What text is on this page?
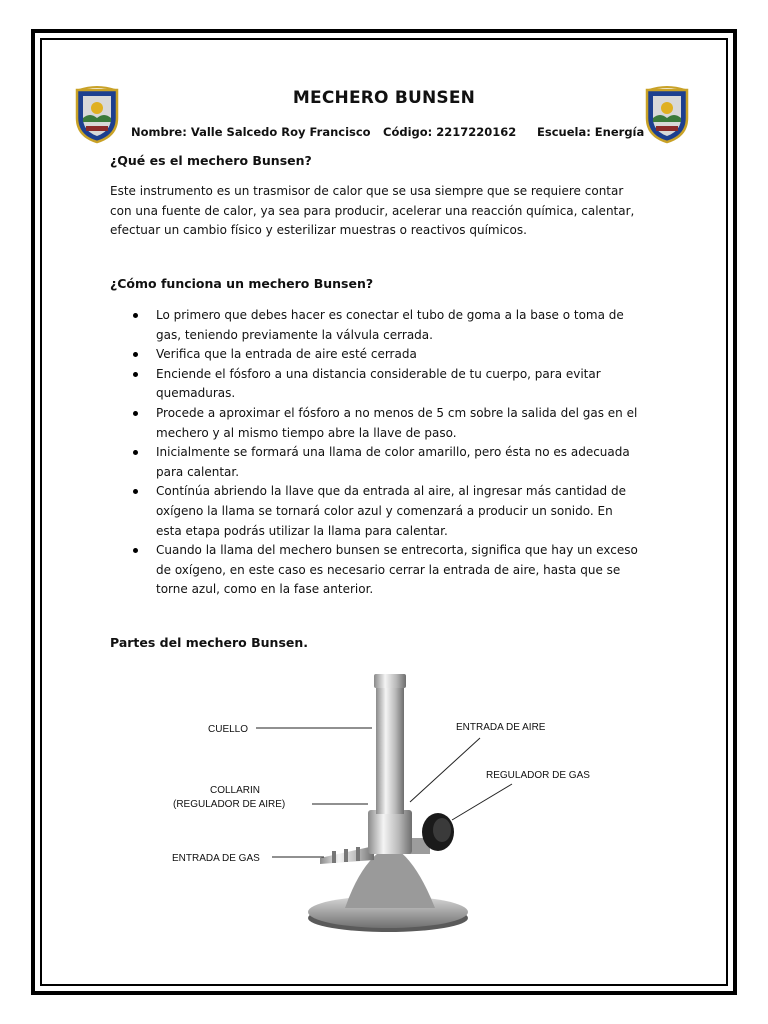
MECHERO BUNSEN
Nombre: Valle Salcedo Roy Francisco Código: 2217220162 Escuela: Energía
¿Qué es el mechero Bunsen?
Este instrumento es un trasmisor de calor que se usa siempre que se requiere contar
con una fuente de calor, ya sea para producir, acelerar una reacción química, calentar,
efectuar un cambio físico y esterilizar muestras o reactivos químicos.
¿Cómo funciona un mechero Bunsen?
Lo primero que debes hacer es conectar el tubo de goma a la base o toma de
gas, teniendo previamente la válvula cerrada.
Verifica que la entrada de aire esté cerrada
Enciende el fósforo a una distancia considerable de tu cuerpo, para evitar
quemaduras.
Procede a aproximar el fósforo a no menos de 5 cm sobre la salida del gas en el
mechero y al mismo tiempo abre la llave de paso.
Inicialmente se formará una llama de color amarillo, pero ésta no es adecuada
para calentar.
Contínúa abriendo la llave que da entrada al aire, al ingresar más cantidad de
oxígeno la llama se tornará color azul y comenzará a producir un sonido. En
esta etapa podrás utilizar la llama para calentar.
Cuando la llama del mechero bunsen se entrecorta, significa que hay un exceso
de oxígeno, en este caso es necesario cerrar la entrada de aire, hasta que se
torne azul, como en la fase anterior.
Partes del mechero Bunsen.
CUELLO
COLLARIN
(REGULADOR DE AIRE)
ENTRADA DE GAS
ENTRADA DE AIRE
REGULADOR DE GAS
